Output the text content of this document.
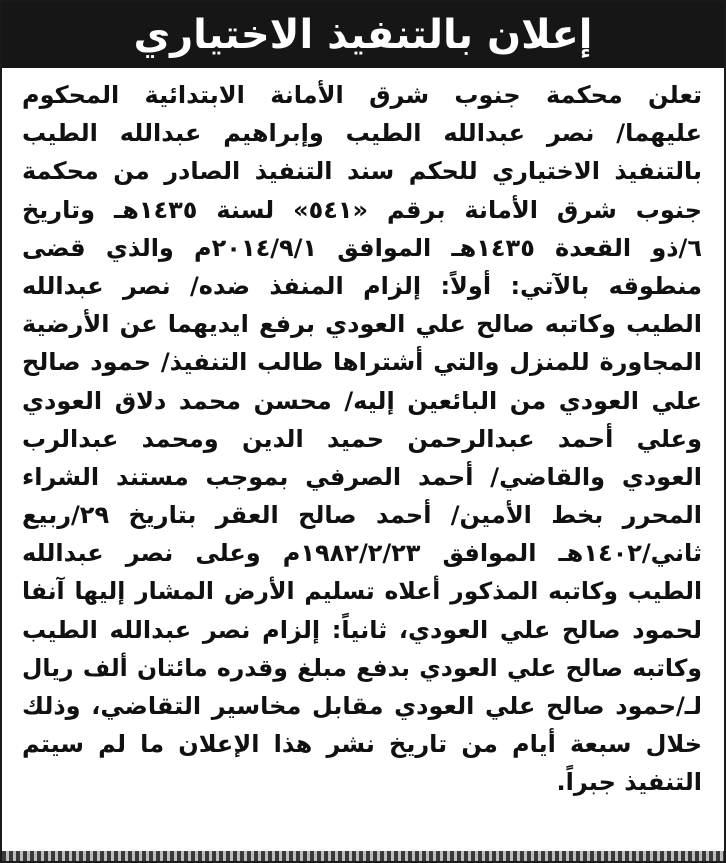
إعلان بالتنفيذ الاختياري
تعلن محكمة جنوب شرق الأمانة الابتدائية المحكوم
عليهما/ نصر عبدالله الطيب وإبراهيم عبدالله الطيب
بالتنفيذ الاختياري للحكم سند التنفيذ الصادر من محكمة
جنوب شرق الأمانة برقم «٥٤١» لسنة ١٤٣٥هـ وتاريخ
٦/ذو القعدة ١٤٣٥هـ الموافق ٢٠١٤/٩/١م والذي قضى
منطوقه بالآتي: أولاً: إلزام المنفذ ضده/ نصر عبدالله
الطيب وكاتبه صالح علي العودي برفع ايديهما عن الأرضية
المجاورة للمنزل والتي أشتراها طالب التنفيذ/ حمود صالح
علي العودي من البائعين إليه/ محسن محمد دلاق العودي
وعلي أحمد عبدالرحمن حميد الدين ومحمد عبدالرب
العودي والقاضي/ أحمد الصرفي بموجب مستند الشراء
المحرر بخط الأمين/ أحمد صالح العقر بتاريخ ٢٩/ربيع
ثاني/١٤٠٢هـ الموافق ١٩٨٢/٢/٢٣م وعلى نصر عبدالله
الطيب وكاتبه المذكور أعلاه تسليم الأرض المشار إليها آنفا
لحمود صالح علي العودي، ثانياً: إلزام نصر عبدالله الطيب
وكاتبه صالح علي العودي بدفع مبلغ وقدره مائتان ألف ريال
لـ/حمود صالح علي العودي مقابل مخاسير التقاضي، وذلك
خلال سبعة أيام من تاريخ نشر هذا الإعلان ما لم سيتم
التنفيذ جبراً.
